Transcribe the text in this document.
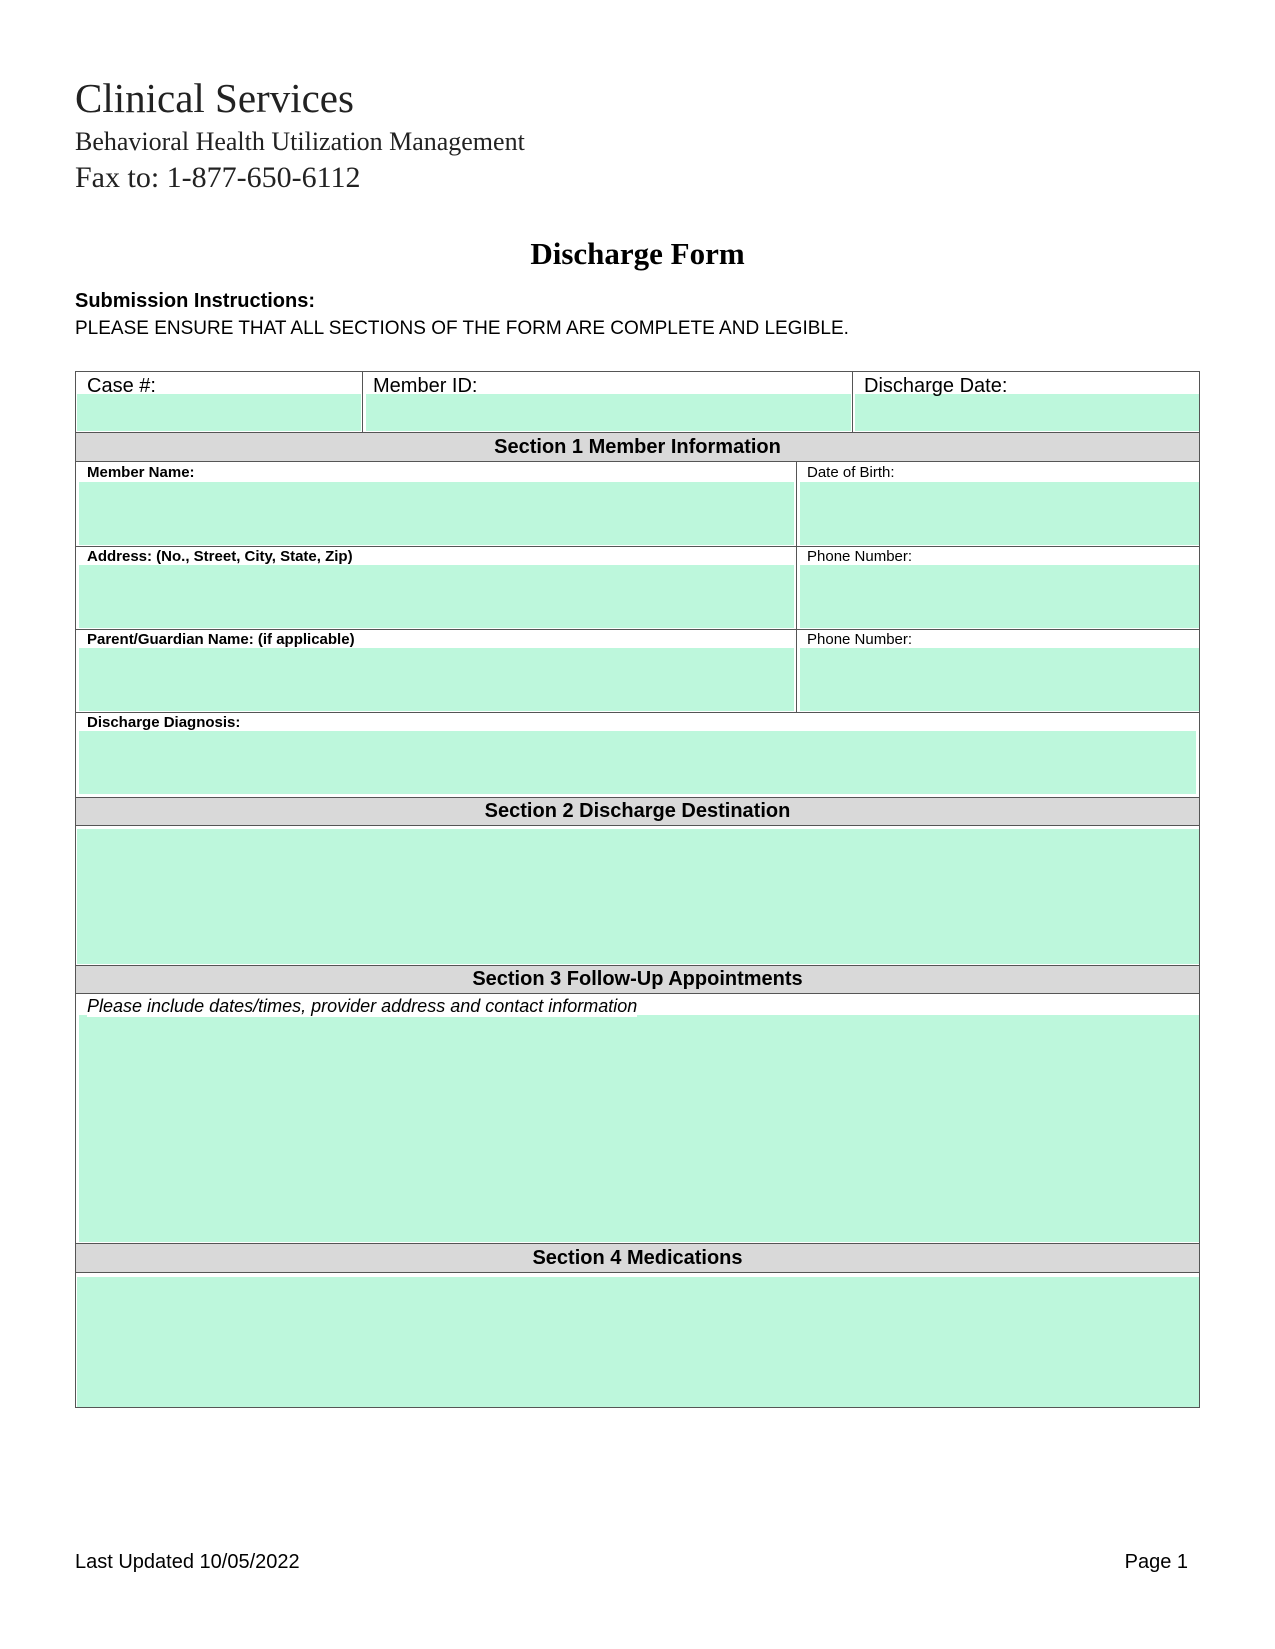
Clinical Services
Behavioral Health Utilization Management
Fax to: 1-877-650-6112
Discharge Form
Submission Instructions:
PLEASE ENSURE THAT ALL SECTIONS OF THE FORM ARE COMPLETE AND LEGIBLE.
Case #:	Member ID:	Discharge Date:
Section 1 Member Information
Member Name:	Date of Birth:
Address: (No., Street, City, State, Zip)	Phone Number:
Parent/Guardian Name: (if applicable)	Phone Number:
Discharge Diagnosis:
Section 2 Discharge Destination
Section 3 Follow-Up Appointments
Please include dates/times, provider address and contact information
Section 4 Medications
Last Updated 10/05/2022	Page 1
